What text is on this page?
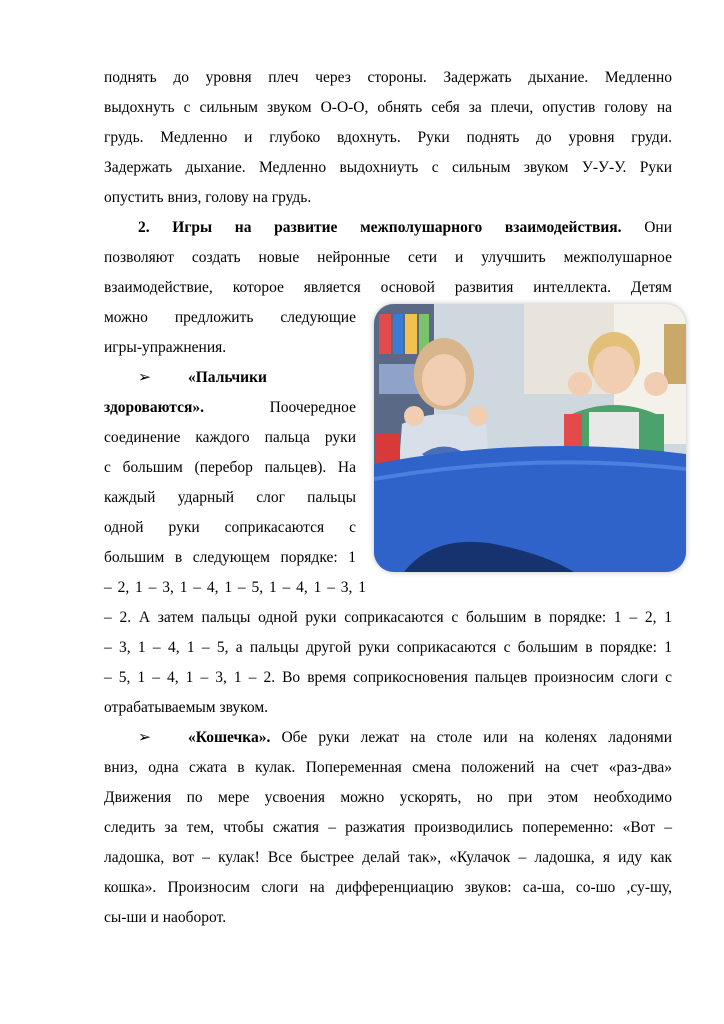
поднять до уровня плеч через стороны. Задержать дыхание. Медленно
выдохнуть с сильным звуком О-О-О, обнять себя за плечи, опустив голову на
грудь. Медленно и глубоко вдохнуть. Руки поднять до уровня груди.
Задержать дыхание. Медленно выдохниуть с сильным звуком У-У-У. Руки
опустить вниз, голову на грудь.
2. Игры на развитие межполушарного взаимодействия. Они
позволяют создать новые нейронные сети и улучшить межполушарное
взаимодействие, которое является основой развития интеллекта. Детям
можно предложить следующие
игры-упражнения.
➢ «Пальчики
здороваются».	Поочередное
соединение каждого пальца руки
с большим (перебор пальцев). На
каждый ударный слог пальцы
одной руки соприкасаются с
большим в следующем порядке: 1
– 2, 1 – 3, 1 – 4, 1 – 5, 1 – 4, 1 – 3, 1
– 2. А затем пальцы одной руки соприкасаются с большим в порядке: 1 – 2, 1
– 3, 1 – 4, 1 – 5, а пальцы другой руки соприкасаются с большим в порядке: 1
– 5, 1 – 4, 1 – 3, 1 – 2. Во время соприкосновения пальцев произносим слоги с
отрабатываемым звуком.
➢ «Кошечка». Обе руки лежат на столе или на коленях ладонями
вниз, одна сжата в кулак. Попеременная смена положений на счет «раз-два»
Движения по мере усвоения можно ускорять, но при этом необходимо
следить за тем, чтобы сжатия – разжатия производились попеременно: «Вот –
ладошка, вот – кулак! Все быстрее делай так», «Кулачок – ладошка, я иду как
кошка». Произносим слоги на дифференциацию звуков: са-ша, со-шо ,су-шу,
сы-ши и наоборот.
